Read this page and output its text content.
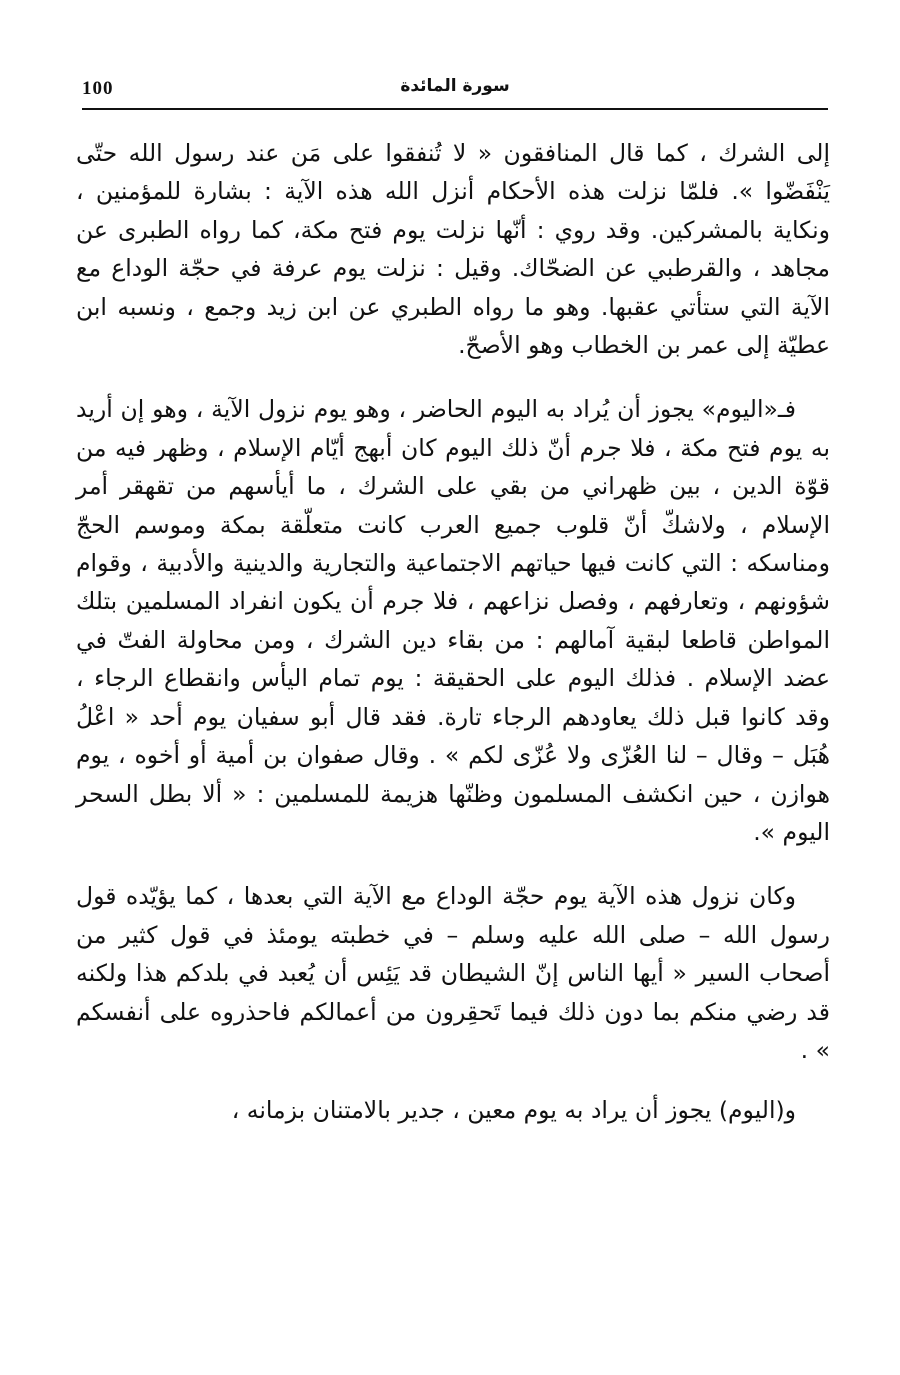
100	سورة المائدة

إلى الشرك ، كما قال المنافقون « لا تُنفقوا على مَن عند رسول الله حتّى يَنْفَضّوا ». فلمّا نزلت هذه الأحكام أنزل الله هذه الآية : بشارة للمؤمنين ، ونكاية بالمشركين. وقد روي : أنّها نزلت يوم فتح مكة، كما رواه الطبرى عن مجاهد ، والقرطبي عن الضحّاك. وقيل : نزلت يوم عرفة في حجّة الوداع مع الآية التي ستأتي عقبها. وهو ما رواه الطبري عن ابن زيد وجمع ، ونسبه ابن عطيّة إلى عمر بن الخطاب وهو الأصحّ.

فـ«اليوم» يجوز أن يُراد به اليوم الحاضر ، وهو يوم نزول الآية ، وهو إن أريد به يوم فتح مكة ، فلا جرم أنّ ذلك اليوم كان أبهج أيّام الإسلام ، وظهر فيه من قوّة الدين ، بين ظهراني من بقي على الشرك ، ما أيأسهم من تقهقر أمر الإسلام ، ولاشكّ أنّ قلوب جميع العرب كانت متعلّقة بمكة وموسم الحجّ ومناسكه : التي كانت فيها حياتهم الاجتماعية والتجارية والدينية والأدبية ، وقوام شؤونهم ، وتعارفهم ، وفصل نزاعهم ، فلا جرم أن يكون انفراد المسلمين بتلك المواطن قاطعا لبقية آمالهم : من بقاء دين الشرك ، ومن محاولة الفتّ في عضد الإسلام . فذلك اليوم على الحقيقة : يوم تمام اليأس وانقطاع الرجاء ، وقد كانوا قبل ذلك يعاودهم الرجاء تارة. فقد قال أبو سفيان يوم أحد « اعْلُ هُبَل – وقال – لنا العُزّى ولا عُزّى لكم » . وقال صفوان بن أمية أو أخوه ، يوم هوازن ، حين انكشف المسلمون وظنّها هزيمة للمسلمين : « ألا بطل السحر اليوم ».

وكان نزول هذه الآية يوم حجّة الوداع مع الآية التي بعدها ، كما يؤيّده قول رسول الله – صلى الله عليه وسلم – في خطبته يومئذ في قول كثير من أصحاب السير « أيها الناس إنّ الشيطان قد يَئِس أن يُعبد في بلدكم هذا ولكنه قد رضي منكم بما دون ذلك فيما تَحقِرون من أعمالكم فاحذروه على أنفسكم » .

و(اليوم) يجوز أن يراد به يوم معين ، جدير بالامتنان بزمانه ،
